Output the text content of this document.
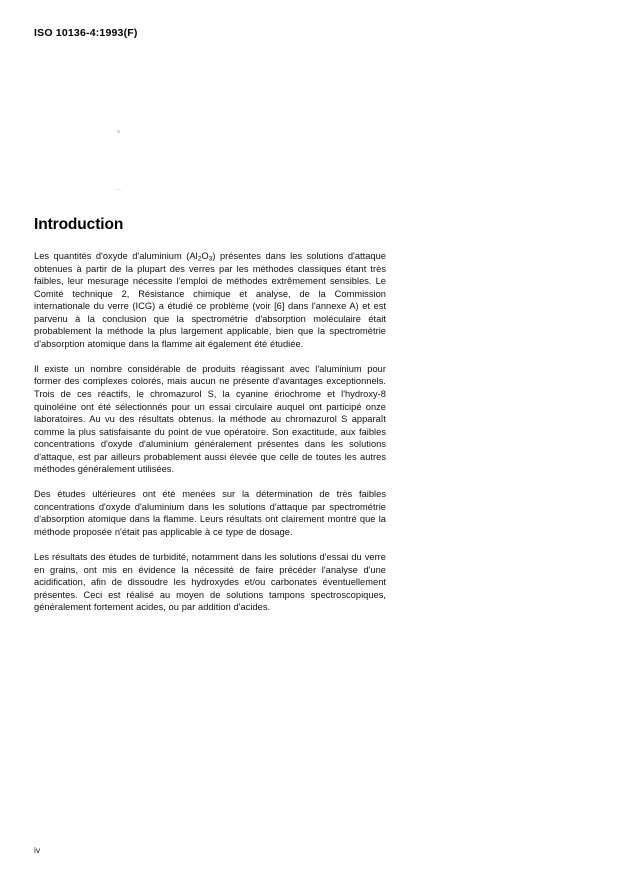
ISO 10136-4:1993(F)
Introduction

Les quantités d'oxyde d'aluminium $(Al_2O_3)$ présentes dans les solutions d'attaque obtenues à partir de la plupart des verres par les méthodes classiques étant très faibles, leur mesurage nécessite l'emploi de méthodes extrêmement sensibles. Le Comité technique 2, Résistance chimique et analyse, de la Commission internationale du verre (ICG) a étudié ce problème (voir [6] dans l'annexe A) et est parvenu à la conclusion que la spectrométrie d'absorption moléculaire était probablement la méthode la plus largement applicable, bien que la spectrométrie d'absorption atomique dans la flamme ait également été étudiée.

Il existe un nombre considérable de produits réagissant avec l'aluminium pour former des complexes colorés, mais aucun ne présente d'avantages exceptionnels. Trois de ces réactifs, le chromazurol S, la cyanine ériochrome et l'hydroxy-8 quinoléine ont été sélectionnés pour un essai circulaire auquel ont participé onze laboratoires. Au vu des résultats obtenus. la méthode au chromazurol S apparaît comme la plus satisfaisante du point de vue opératoire. Son exactitude, aux faibles concentrations d'oxyde d'aluminium généralement présentes dans les solutions d'attaque, est par ailleurs probablement aussi élevée que celle de toutes les autres méthodes généralement utilisées.

Des études ultérieures ont été menées sur la détermination de très faibles concentrations d'oxyde d'aluminium dans les solutions d'attaque par spectrométrie d'absorption atomique dans la flamme. Leurs résultats ont clairement montré que la méthode proposée n'était pas applicable à ce type de dosage.

Les résultats des études de turbidité, notamment dans les solutions d'essai du verre en grains, ont mis en évidence la nécessité de faire précéder l'analyse d'une acidification, afin de dissoudre les hydroxydes et/ou carbonates éventuellement présentes. Ceci est réalisé au moyen de solutions tampons spectroscopiques, généralement fortement acides, ou par addition d'acides.

iv
